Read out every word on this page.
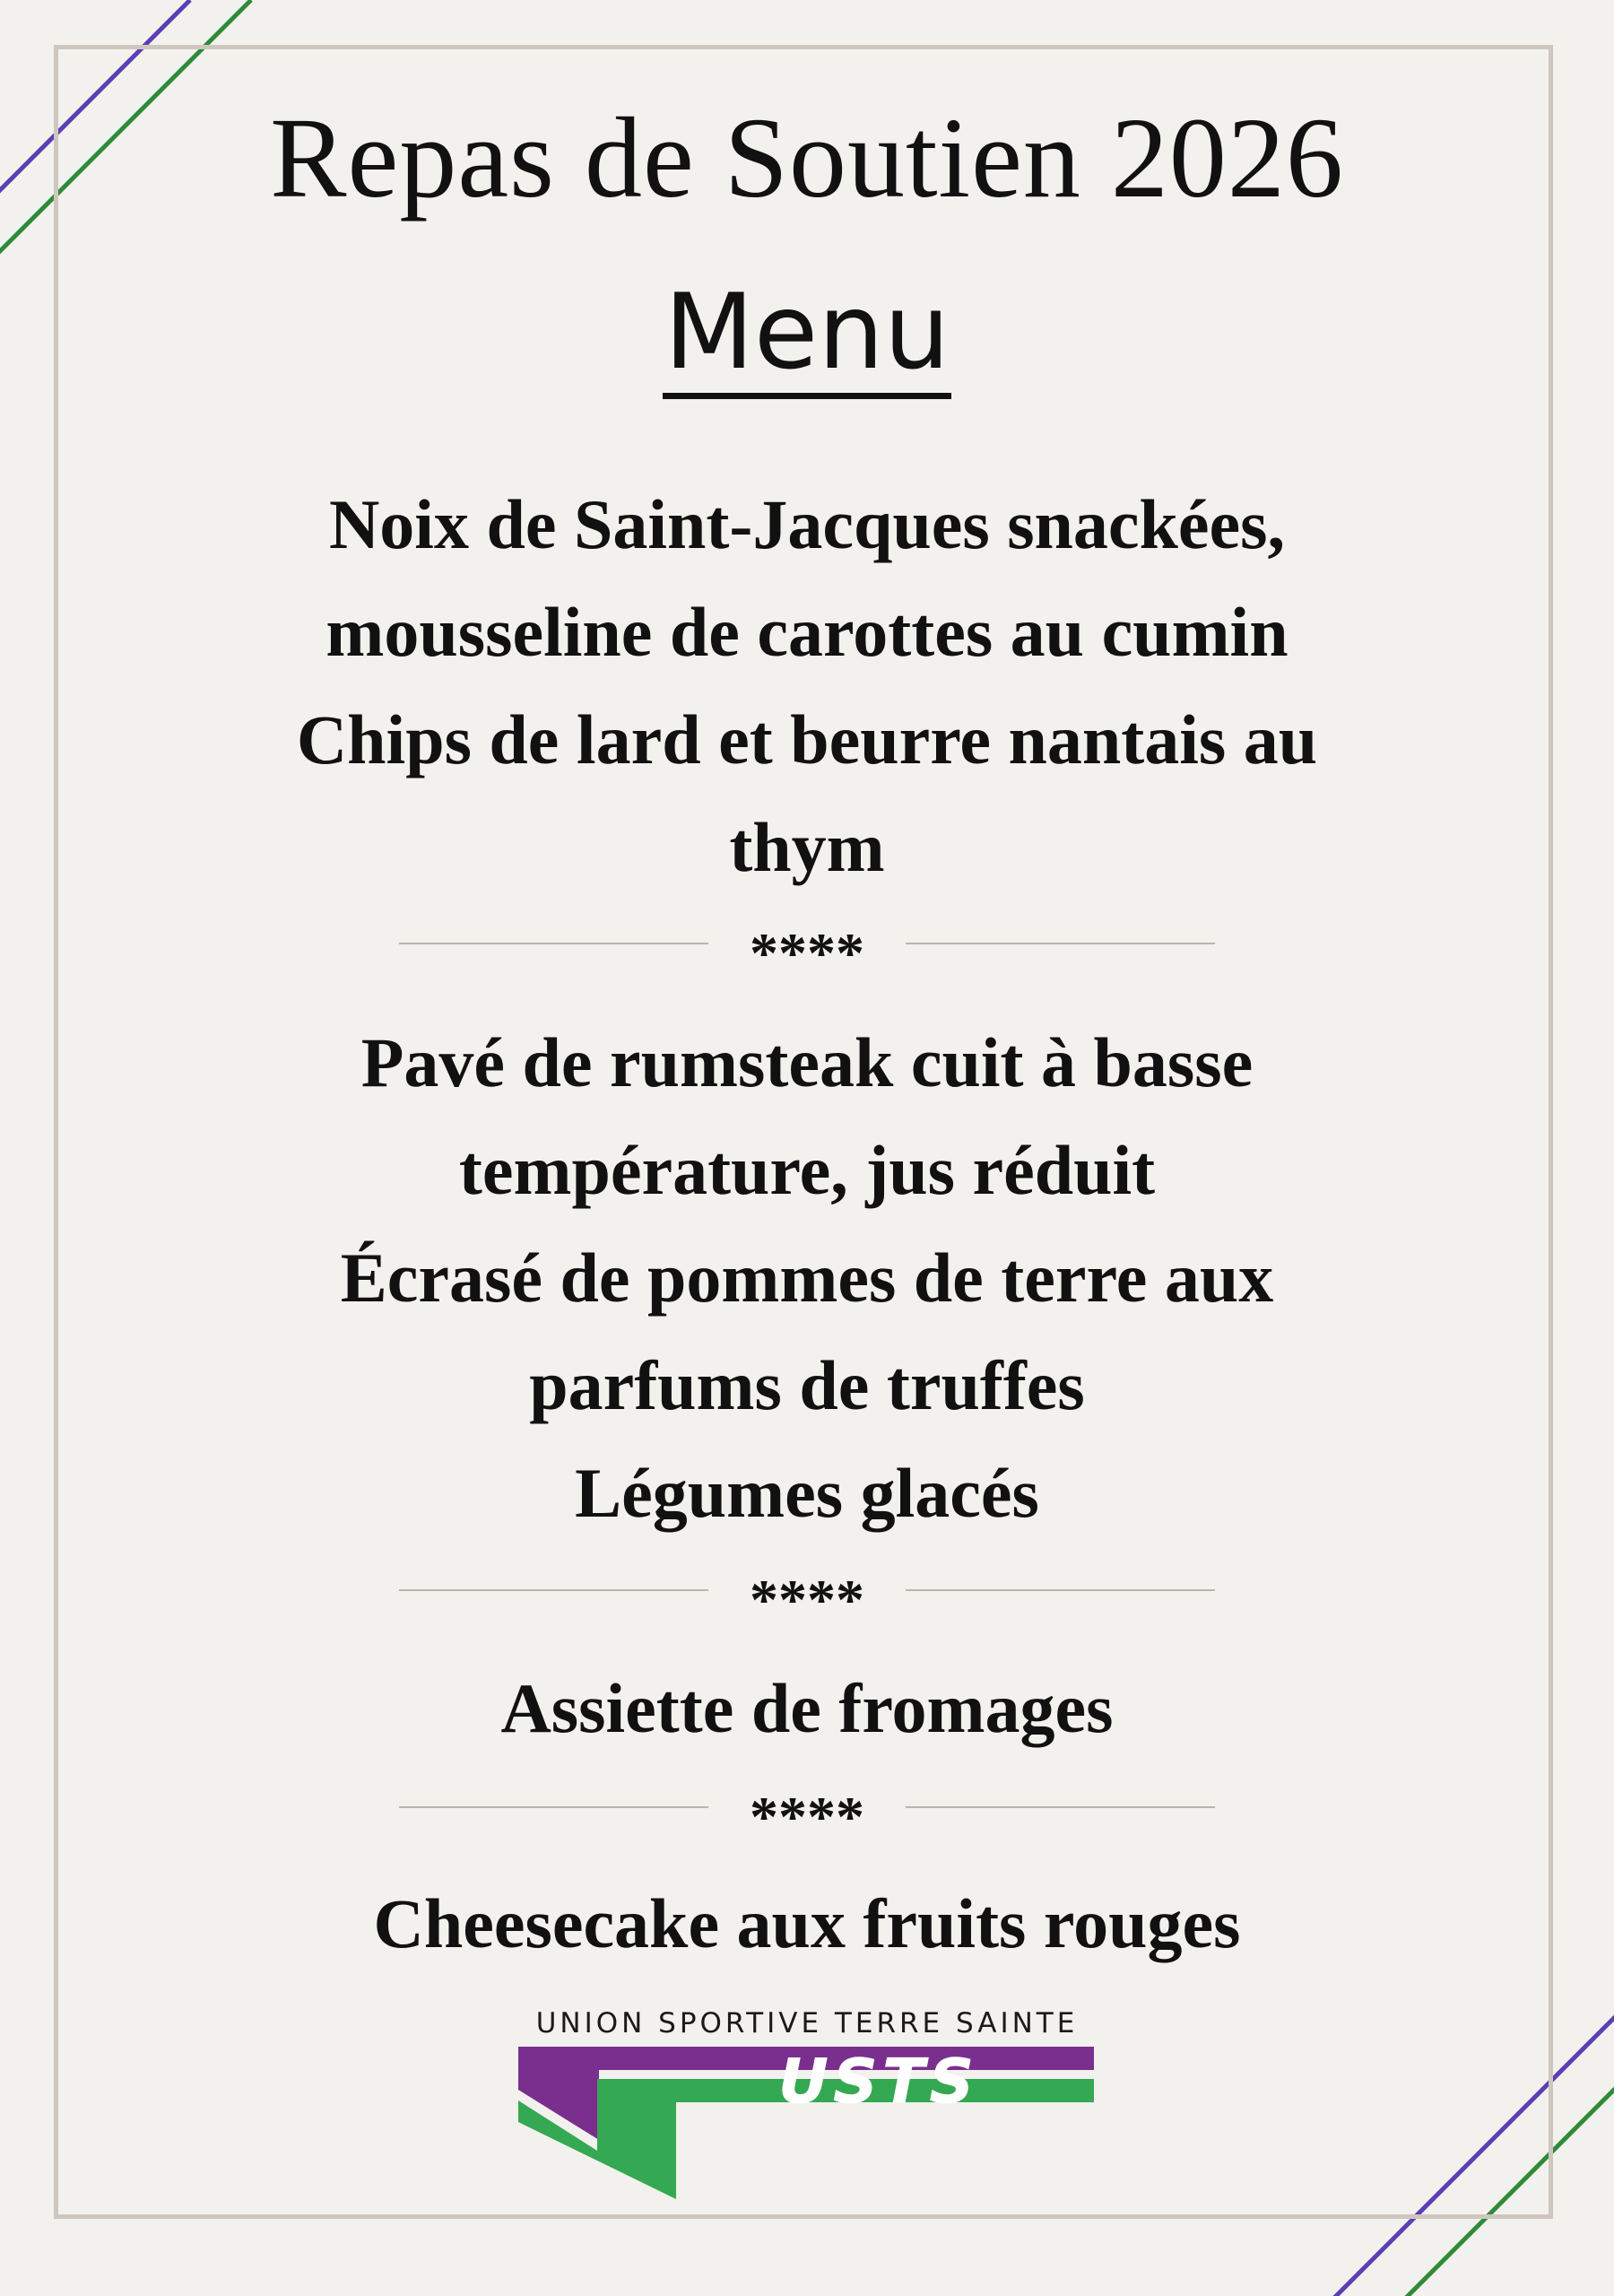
Repas de Soutien 2026
Menu
Noix de Saint-Jacques snackées,
mousseline de carottes au cumin
Chips de lard et beurre nantais au
thym
****
Pavé de rumsteak cuit à basse
température, jus réduit
Écrasé de pommes de terre aux
parfums de truffes
Légumes glacés
****
Assiette de fromages
****
Cheesecake aux fruits rouges
UNION SPORTIVE TERRE SAINTE
USTS
